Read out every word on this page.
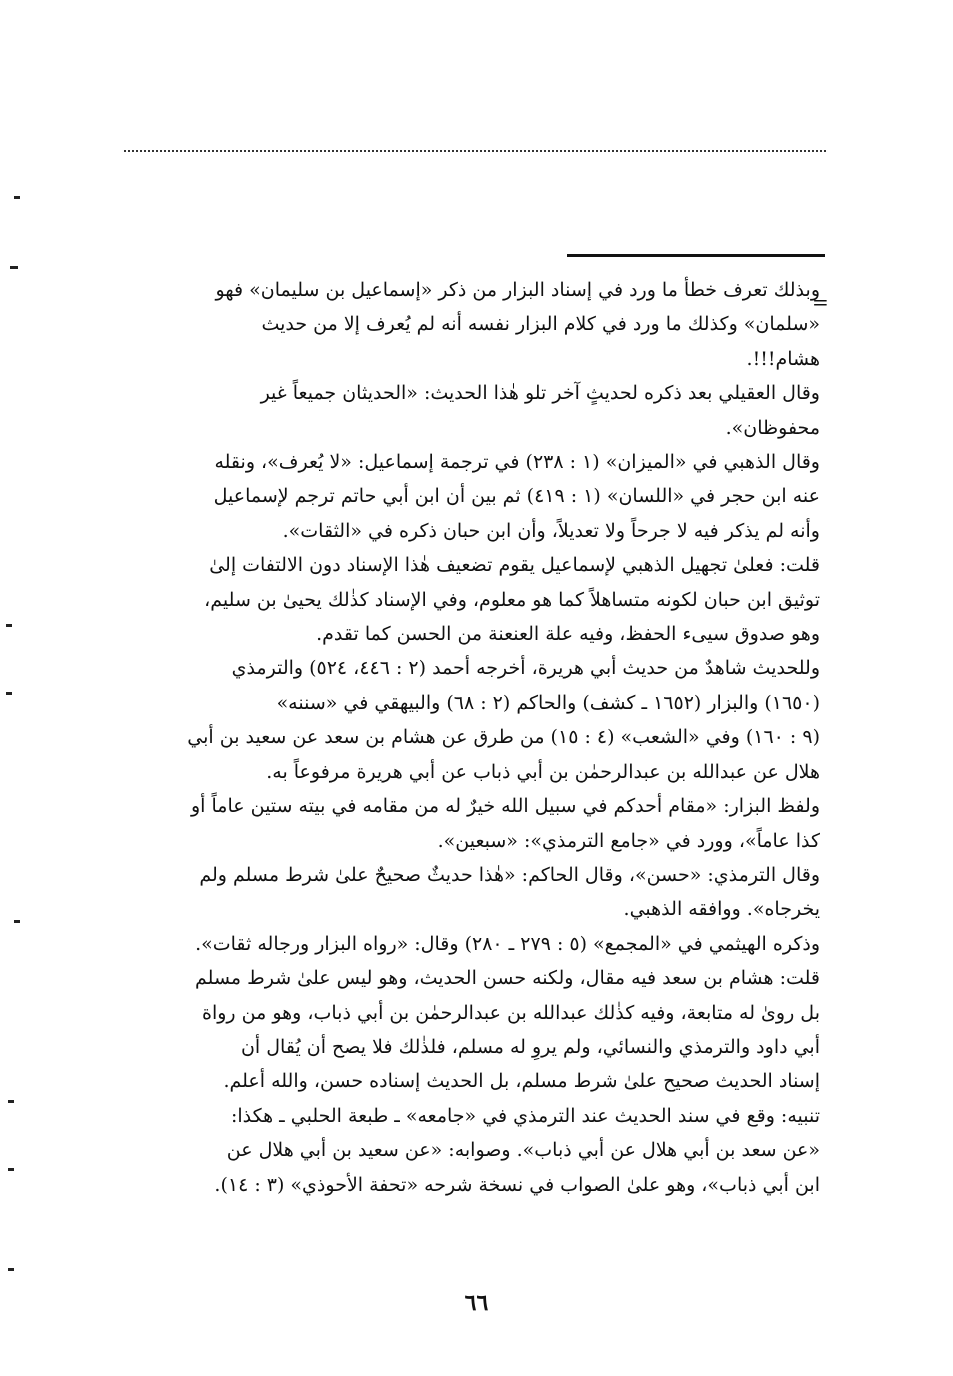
=
وبذلك تعرف خطأ ما ورد في إسناد البزار من ذكر «إسماعيل بن سليمان» فهو
«سلمان» وكذلك ما ورد في كلام البزار نفسه أنه لم يُعرف إلا من حديث
هشام!!!.
وقال العقيلي بعد ذكره لحديثٍ آخر تلو هٰذا الحديث: «الحديثان جميعاً غير
محفوظان».
وقال الذهبي في «الميزان» (١ : ٢٣٨) في ترجمة إسماعيل: «لا يُعرف»، ونقله
عنه ابن حجر في «اللسان» (١ : ٤١٩) ثم بين أن ابن أبي حاتم ترجم لإسماعيل
وأنه لم يذكر فيه لا جرحاً ولا تعديلاً، وأن ابن حبان ذكره في «الثقات».
قلت: فعلىٰ تجهيل الذهبي لإسماعيل يقوم تضعيف هٰذا الإسناد دون الالتفات إلىٰ
توثيق ابن حبان لكونه متساهلاً كما هو معلوم، وفي الإسناد كذٰلك يحيىٰ بن سليم،
وهو صدوق سيىء الحفظ، وفيه علة العنعنة من الحسن كما تقدم.
وللحديث شاهدٌ من حديث أبي هريرة، أخرجه أحمد (٢ : ٤٤٦، ٥٢٤) والترمذي
(١٦٥٠) والبزار (١٦٥٢ ـ كشف) والحاكم (٢ : ٦٨) والبيهقي في «سننه»
(٩ : ١٦٠) وفي «الشعب» (٤ : ١٥) من طرق عن هشام بن سعد عن سعيد بن أبي
هلال عن عبدالله بن عبدالرحمٰن بن أبي ذباب عن أبي هريرة مرفوعاً به.
ولفظ البزار: «مقام أحدكم في سبيل الله خيرٌ له من مقامه في بيته ستين عاماً أو
كذا عاماً»، وورد في «جامع الترمذي»: «سبعين».
وقال الترمذي: «حسن»، وقال الحاكم: «هٰذا حديثٌ صحيحٌ علىٰ شرط مسلم ولم
يخرجاه». ووافقه الذهبي.
وذكره الهيثمي في «المجمع» (٥ : ٢٧٩ ـ ٢٨٠) وقال: «رواه البزار ورجاله ثقات».
قلت: هشام بن سعد فيه مقال، ولكنه حسن الحديث، وهو ليس علىٰ شرط مسلم
بل روىٰ له متابعة، وفيه كذٰلك عبدالله بن عبدالرحمٰن بن أبي ذباب، وهو من رواة
أبي داود والترمذي والنسائي، ولم يروِ له مسلم، فلذٰلك فلا يصح أن يُقال أن
إسناد الحديث صحيح علىٰ شرط مسلم، بل الحديث إسناده حسن، والله أعلم.
تنبيه: وقع في سند الحديث عند الترمذي في «جامعه» ـ طبعة الحلبي ـ هكذا:
«عن سعد بن أبي هلال عن أبي ذباب». وصوابه: «عن سعيد بن أبي هلال عن
ابن أبي ذباب»، وهو علىٰ الصواب في نسخة شرحه «تحفة الأحوذي» (٣ : ١٤).
٦٦
